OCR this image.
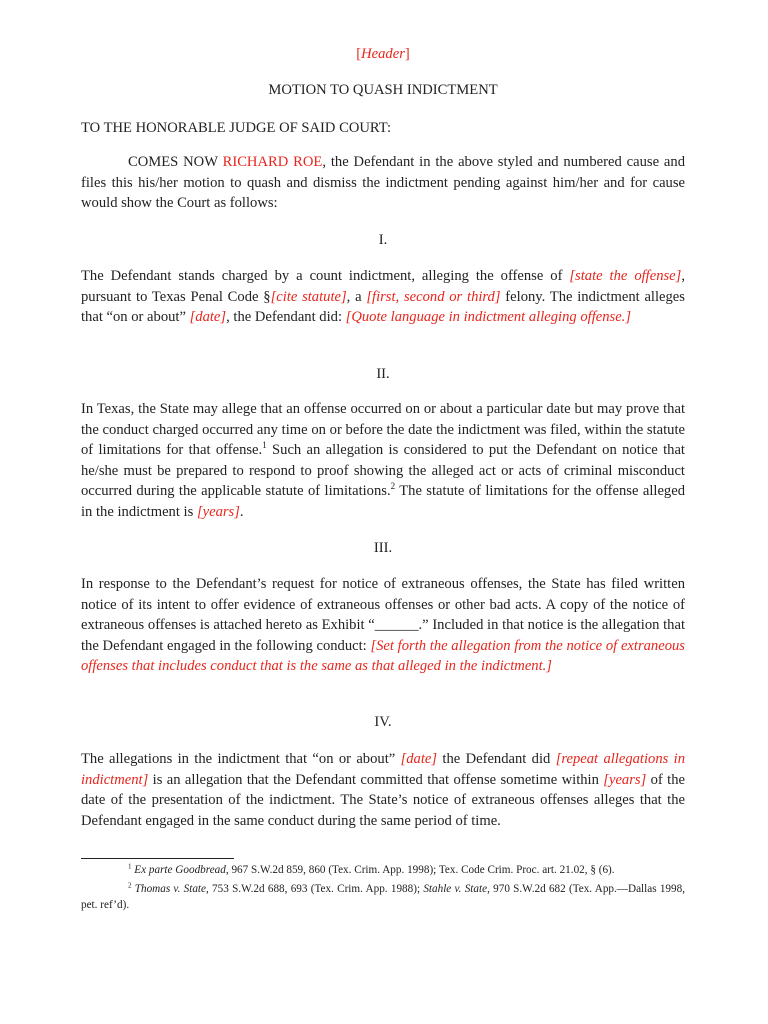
[Header]
MOTION TO QUASH INDICTMENT
TO THE HONORABLE JUDGE OF SAID COURT:
COMES NOW RICHARD ROE, the Defendant in the above styled and numbered cause and files this his/her motion to quash and dismiss the indictment pending against him/her and for cause would show the Court as follows:
I.
The Defendant stands charged by a count indictment, alleging the offense of [state the offense], pursuant to Texas Penal Code §[cite statute], a [first, second or third] felony. The indictment alleges that “on or about” [date], the Defendant did: [Quote language in indictment alleging offense.]
II.
In Texas, the State may allege that an offense occurred on or about a particular date but may prove that the conduct charged occurred any time on or before the date the indictment was filed, within the statute of limitations for that offense.$^1$ Such an allegation is considered to put the Defendant on notice that he/she must be prepared to respond to proof showing the alleged act or acts of criminal misconduct occurred during the applicable statute of limitations.$^2$ The statute of limitations for the offense alleged in the indictment is [years].
III.
In response to the Defendant’s request for notice of extraneous offenses, the State has filed written notice of its intent to offer evidence of extraneous offenses or other bad acts. A copy of the notice of extraneous offenses is attached hereto as Exhibit “______.” Included in that notice is the allegation that the Defendant engaged in the following conduct: [Set forth the allegation from the notice of extraneous offenses that includes conduct that is the same as that alleged in the indictment.]
IV.
The allegations in the indictment that “on or about” [date] the Defendant did [repeat allegations in indictment] is an allegation that the Defendant committed that offense sometime within [years] of the date of the presentation of the indictment. The State’s notice of extraneous offenses alleges that the Defendant engaged in the same conduct during the same period of time.
$^1$ Ex parte Goodbread, 967 S.W.2d 859, 860 (Tex. Crim. App. 1998); Tex. Code Crim. Proc. art. 21.02, § (6).
$^2$ Thomas v. State, 753 S.W.2d 688, 693 (Tex. Crim. App. 1988); Stahle v. State, 970 S.W.2d 682 (Tex. App.—Dallas 1998, pet. ref’d).
